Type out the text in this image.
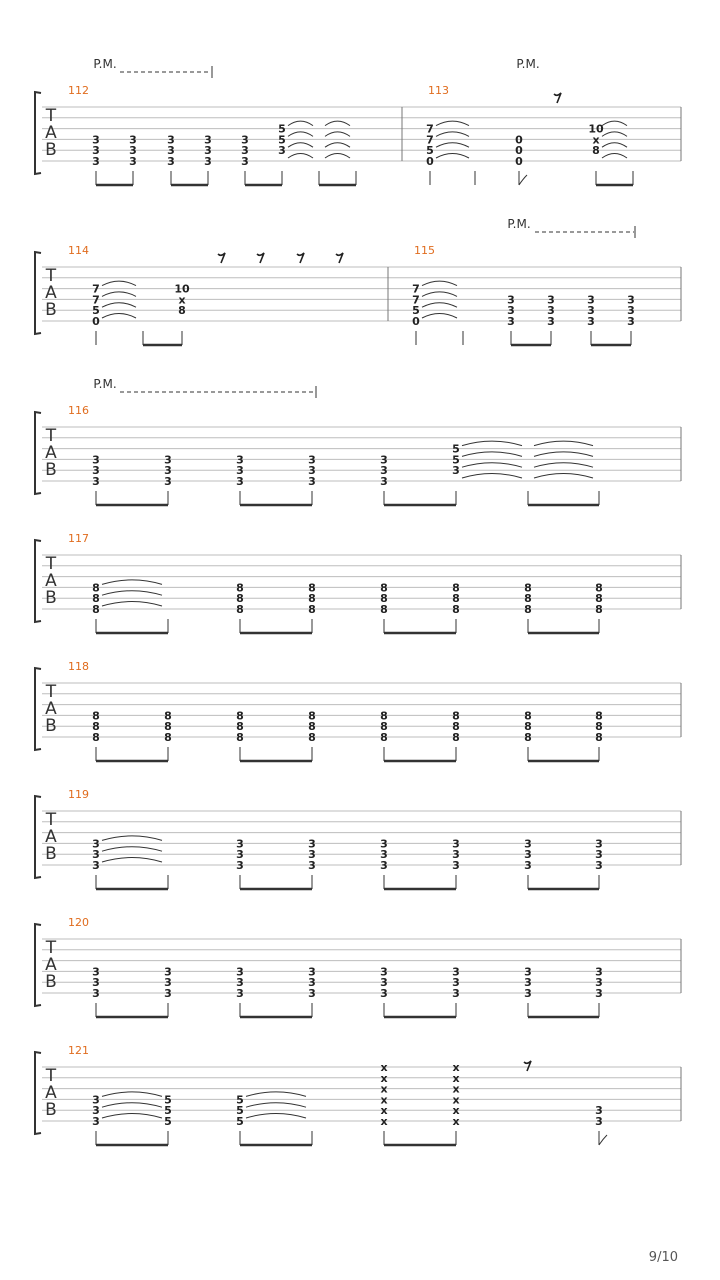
T
A
B
P.M.	P.M.
112
3
3
3
3
3
3
3
3
3
3
3
3
3
3
3
5
5
3
113
7
7
5
0
0
0
0
10
x
8
T
A
B
P.M.
114
7
7
5
0
10
x
8
115
7
7
5
0
3
3
3
3
3
3
3
3
3
3
3
3
T
A
B
P.M.
116
3
3
3
3
3
3
3
3
3
3
3
3
3
3
3
5
5
3
T
A
B
117
8
8
8
8
8
8
8
8
8
8
8
8
8
8
8
8
8
8
8
8
8
T
A
B
118
8
8
8
8
8
8
8
8
8
8
8
8
8
8
8
8
8
8
8
8
8
8
8
8
T
A
B
119
3
3
3
3
3
3
3
3
3
3
3
3
3
3
3
3
3
3
3
3
3
T
A
B
120
3
3
3
3
3
3
3
3
3
3
3
3
3
3
3
3
3
3
3
3
3
3
3
3
T
A
B
121
3
3
3
5
5
5
5
5
5
x
x
x
x
x
x
x
x
x
x
x
x
3
3
9/10
